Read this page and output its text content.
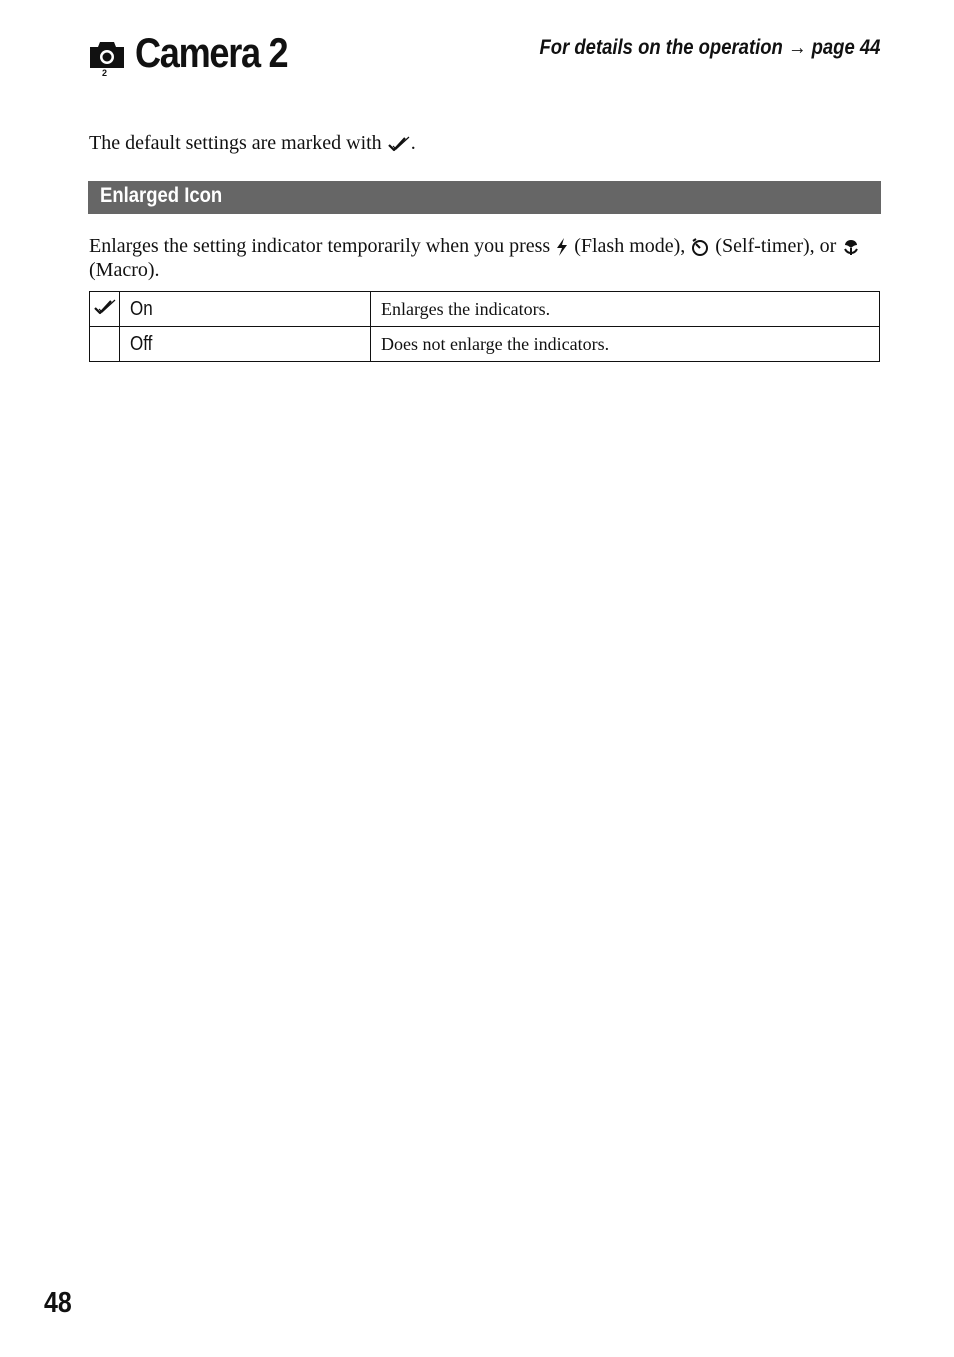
2 Camera 2	For details on the operation → page 44
The default settings are marked with .
Enlarged Icon
Enlarges the setting indicator temporarily when you press (Flash mode), (Self-timer), or  (Macro).
	On	Enlarges the indicators.
	Off	Does not enlarge the indicators.
48
